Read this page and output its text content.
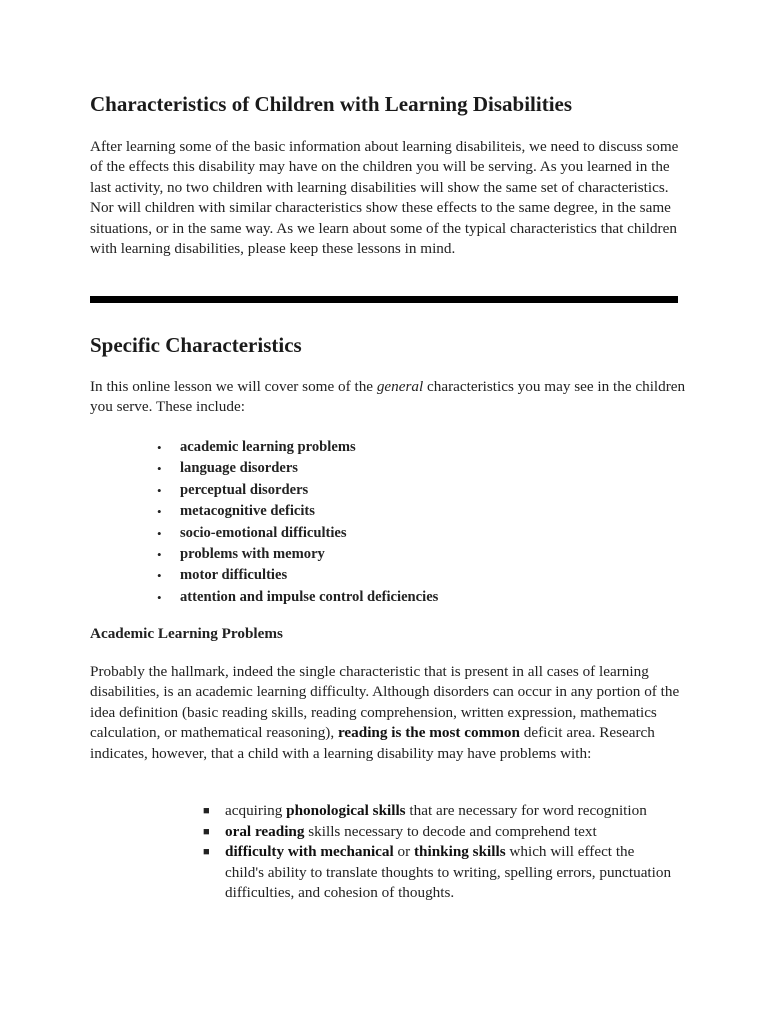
Characteristics of Children with Learning Disabilities

After learning some of the basic information about learning disabiliteis, we need to discuss some of the effects this disability may have on the children you will be serving. As you learned in the last activity, no two children with learning disabilities will show the same set of characteristics. Nor will children with similar characteristics show these effects to the same degree, in the same situations, or in the same way. As we learn about some of the typical characteristics that children with learning disabilities, please keep these lessons in mind.

Specific Characteristics

In this online lesson we will cover some of the general characteristics you may see in the children you serve. These include:

• academic learning problems
• language disorders
• perceptual disorders
• metacognitive deficits
• socio-emotional difficulties
• problems with memory
• motor difficulties
• attention and impulse control deficiencies
Academic Learning Problems

Probably the hallmark, indeed the single characteristic that is present in all cases of learning disabilities, is an academic learning difficulty. Although disorders can occur in any portion of the idea definition (basic reading skills, reading comprehension, written expression, mathematics calculation, or mathematical reasoning), reading is the most common deficit area. Research indicates, however, that a child with a learning disability may have problems with:

■ acquiring phonological skills that are necessary for word recognition
■ oral reading skills necessary to decode and comprehend text
■ difficulty with mechanical or thinking skills which will effect the child's ability to translate thoughts to writing, spelling errors, punctuation difficulties, and cohesion of thoughts.
